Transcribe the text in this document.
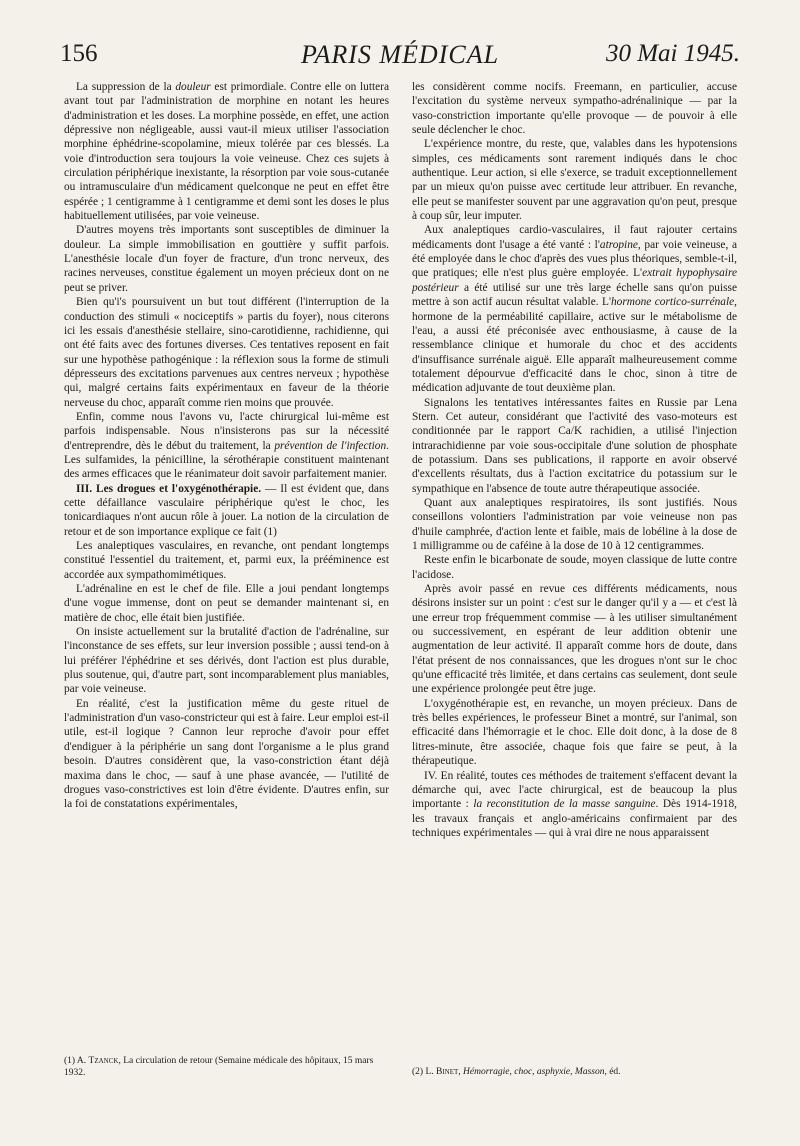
156	PARIS MÉDICAL	30 Mai 1945.

La suppression de la douleur est primordiale. Contre elle on luttera avant tout par l'administration de morphine en notant les heures d'administration et les doses. La morphine possède, en effet, une action dépressive non négligeable, aussi vaut-il mieux utiliser l'association morphine éphédrine-scopolamine, mieux tolérée par ces blessés. La voie d'introduction sera toujours la voie veineuse. Chez ces sujets à circulation périphérique inexistante, la résorption par voie sous-cutanée ou intramusculaire d'un médicament quelconque ne peut en effet être espérée ; 1 centigramme à 1 centigramme et demi sont les doses le plus habituellement utilisées, par voie veineuse.

D'autres moyens très importants sont susceptibles de diminuer la douleur. La simple immobilisation en gouttière y suffit parfois. L'anesthésie locale d'un foyer de fracture, d'un tronc nerveux, des racines nerveuses, constitue également un moyen précieux dont on ne peut se priver.

Bien qu'i's poursuivent un but tout différent (l'interruption de la conduction des stimuli « nociceptifs » partis du foyer), nous citerons ici les essais d'anesthésie stellaire, sino-carotidienne, rachidienne, qui ont été faits avec des fortunes diverses. Ces tentatives reposent en fait sur une hypothèse pathogénique : la réflexion sous la forme de stimuli dépresseurs des excitations parvenues aux centres nerveux ; hypothèse qui, malgré certains faits expérimentaux en faveur de la théorie nerveuse du choc, apparaît comme rien moins que prouvée.

Enfin, comme nous l'avons vu, l'acte chirurgical lui-même est parfois indispensable. Nous n'insisterons pas sur la nécessité d'entreprendre, dès le début du traitement, la prévention de l'infection. Les sulfamides, la pénicilline, la sérothérapie constituent maintenant des armes efficaces que le réanimateur doit savoir parfaitement manier.

III. Les drogues et l'oxygénothérapie. — Il est évident que, dans cette défaillance vasculaire périphérique qu'est le choc, les tonicardiaques n'ont aucun rôle à jouer. La notion de la circulation de retour et de son importance explique ce fait (1)

Les analeptiques vasculaires, en revanche, ont pendant longtemps constitué l'essentiel du traitement, et, parmi eux, la prééminence est accordée aux sympathomimétiques.

L'adrénaline en est le chef de file. Elle a joui pendant longtemps d'une vogue immense, dont on peut se demander maintenant si, en matière de choc, elle était bien justifiée.

On insiste actuellement sur la brutalité d'action de l'adrénaline, sur l'inconstance de ses effets, sur leur inversion possible ; aussi tend-on à lui préférer l'éphédrine et ses dérivés, dont l'action est plus durable, plus soutenue, qui, d'autre part, sont incomparablement plus maniables, par voie veineuse.

En réalité, c'est la justification même du geste rituel de l'administration d'un vaso-constricteur qui est à faire. Leur emploi est-il utile, est-il logique ? Cannon leur reproche d'avoir pour effet d'endiguer à la périphérie un sang dont l'organisme a le plus grand besoin. D'autres considèrent que, la vaso-constriction étant déjà maxima dans le choc, — sauf à une phase avancée, — l'utilité de drogues vaso-constrictives est loin d'être évidente. D'autres enfin, sur la foi de constatations expérimentales,

les considèrent comme nocifs. Freemann, en particulier, accuse l'excitation du système nerveux sympatho-adrénalinique — par la vaso-constriction importante qu'elle provoque — de pouvoir à elle seule déclencher le choc.

L'expérience montre, du reste, que, valables dans les hypotensions simples, ces médicaments sont rarement indiqués dans le choc authentique. Leur action, si elle s'exerce, se traduit exceptionnellement par un mieux qu'on puisse avec certitude leur attribuer. En revanche, elle peut se manifester souvent par une aggravation qu'on peut, presque à coup sûr, leur imputer.

Aux analeptiques cardio-vasculaires, il faut rajouter certains médicaments dont l'usage a été vanté : l'atropine, par voie veineuse, a été employée dans le choc d'après des vues plus théoriques, semble-t-il, que pratiques; elle n'est plus guère employée. L'extrait hypophysaire postérieur a été utilisé sur une très large échelle sans qu'on puisse mettre à son actif aucun résultat valable. L'hormone cortico-surrénale, hormone de la perméabilité capillaire, active sur le métabolisme de l'eau, a aussi été préconisée avec enthousiasme, à cause de la ressemblance clinique et humorale du choc et des accidents d'insuffisance surrénale aiguë. Elle apparaît malheureusement comme totalement dépourvue d'efficacité dans le choc, sinon à titre de médication adjuvante de tout deuxième plan.

Signalons les tentatives intéressantes faites en Russie par Lena Stern. Cet auteur, considérant que l'activité des vaso-moteurs est conditionnée par le rapport Ca/K rachidien, a utilisé l'injection intrarachidienne par voie sous-occipitale d'une solution de phosphate de potassium. Dans ses publications, il rapporte en avoir observé d'excellents résultats, dus à l'action excitatrice du potassium sur le sympathique en l'absence de toute autre thérapeutique associée.

Quant aux analeptiques respiratoires, ils sont justifiés. Nous conseillons volontiers l'administration par voie veineuse non pas d'huile camphrée, d'action lente et faible, mais de lobéline à la dose de 1 milligramme ou de caféine à la dose de 10 à 12 centigrammes.

Reste enfin le bicarbonate de soude, moyen classique de lutte contre l'acidose.

Après avoir passé en revue ces différents médicaments, nous désirons insister sur un point : c'est sur le danger qu'il y a — et c'est là une erreur trop fréquemment commise — à les utiliser simultanément ou successivement, en espérant de leur addition obtenir une augmentation de leur activité. Il apparaît comme hors de doute, dans l'état présent de nos connaissances, que les drogues n'ont sur le choc qu'une efficacité très limitée, et dans certains cas seulement, dont seule une expérience prolongée peut être juge.

L'oxygénothérapie est, en revanche, un moyen précieux. Dans de très belles expériences, le professeur Binet a montré, sur l'animal, son efficacité dans l'hémorragie et le choc. Elle doit donc, à la dose de 8 litres-minute, être associée, chaque fois que faire se peut, à la thérapeutique.

IV. En réalité, toutes ces méthodes de traitement s'effacent devant la démarche qui, avec l'acte chirurgical, est de beaucoup la plus importante : la reconstitution de la masse sanguine. Dès 1914-1918, les travaux français et anglo-américains confirmaient par des techniques expérimentales — qui à vrai dire ne nous apparaissent

(1) A. Tzanck, La circulation de retour (Semaine médicale des hôpitaux, 15 mars 1932.	(2) L. Binet, Hémorragie, choc, asphyxie, Masson, éd.
